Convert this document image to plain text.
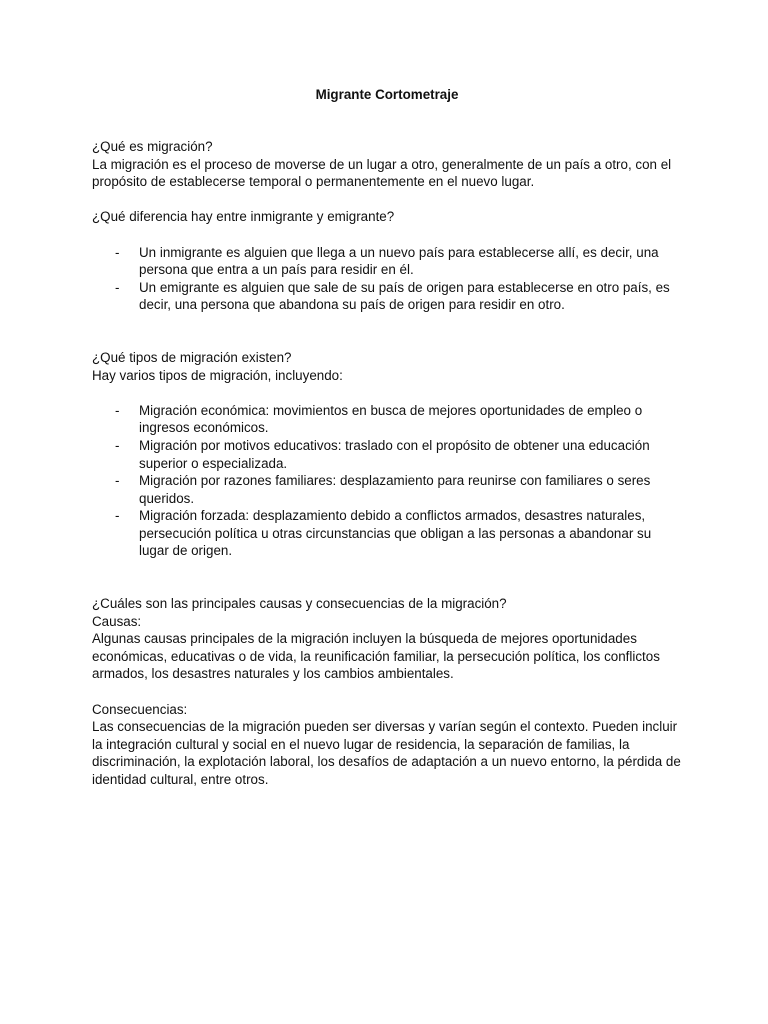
Migrante Cortometraje

¿Qué es migración?

La migración es el proceso de moverse de un lugar a otro, generalmente de un país a otro, con el propósito de establecerse temporal o permanentemente en el nuevo lugar.

¿Qué diferencia hay entre inmigrante y emigrante?

- Un inmigrante es alguien que llega a un nuevo país para establecerse allí, es decir, una persona que entra a un país para residir en él.
- Un emigrante es alguien que sale de su país de origen para establecerse en otro país, es decir, una persona que abandona su país de origen para residir en otro.

¿Qué tipos de migración existen?

Hay varios tipos de migración, incluyendo:

- Migración económica: movimientos en busca de mejores oportunidades de empleo o ingresos económicos.
- Migración por motivos educativos: traslado con el propósito de obtener una educación superior o especializada.
- Migración por razones familiares: desplazamiento para reunirse con familiares o seres queridos.
- Migración forzada: desplazamiento debido a conflictos armados, desastres naturales, persecución política u otras circunstancias que obligan a las personas a abandonar su lugar de origen.

¿Cuáles son las principales causas y consecuencias de la migración?

Causas:

Algunas causas principales de la migración incluyen la búsqueda de mejores oportunidades económicas, educativas o de vida, la reunificación familiar, la persecución política, los conflictos armados, los desastres naturales y los cambios ambientales.

Consecuencias:

Las consecuencias de la migración pueden ser diversas y varían según el contexto. Pueden incluir la integración cultural y social en el nuevo lugar de residencia, la separación de familias, la discriminación, la explotación laboral, los desafíos de adaptación a un nuevo entorno, la pérdida de identidad cultural, entre otros.
